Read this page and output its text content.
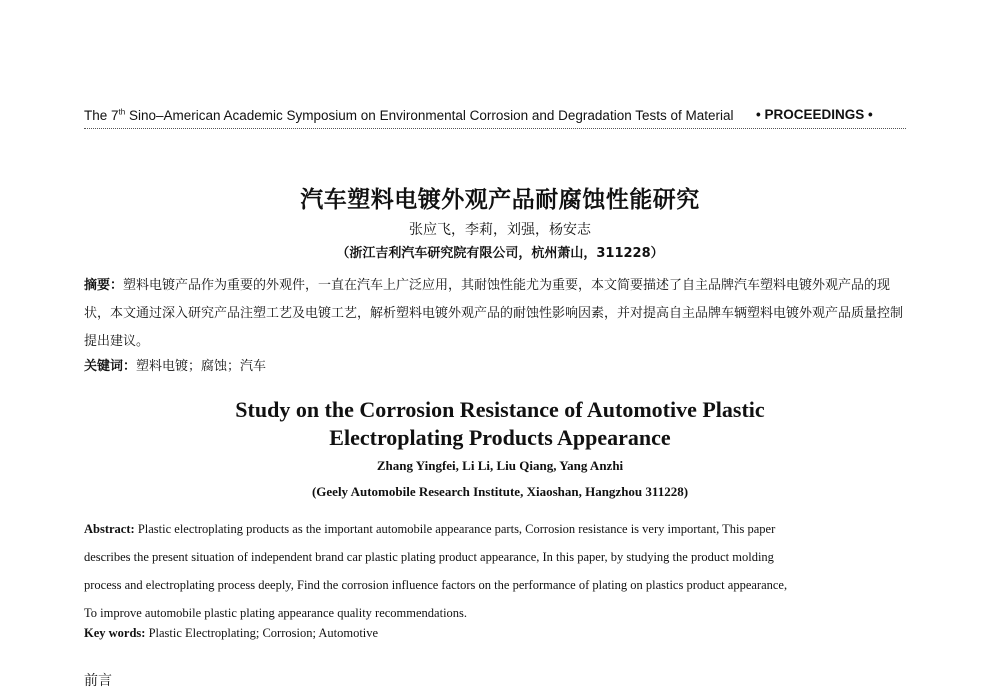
The 7th Sino–American Academic Symposium on Environmental Corrosion and Degradation Tests of Material • PROCEEDINGS •
汽车塑料电镀外观产品耐腐蚀性能研究
张应飞，李莉，刘强，杨安志
（浙江吉利汽车研究院有限公司，杭州萧山，311228）
摘要：塑料电镀产品作为重要的外观件，一直在汽车上广泛应用，其耐蚀性能尤为重要，本文简要描述了自主品牌汽车塑料电镀外观产品的现状，本文通过深入研究产品注塑工艺及电镀工艺，解析塑料电镀外观产品的耐蚀性影响因素，并对提高自主品牌车辆塑料电镀外观产品质量控制提出建议。
关键词：塑料电镀；腐蚀；汽车
Study on the Corrosion Resistance of Automotive Plastic
Electroplating Products Appearance
Zhang Yingfei, Li Li, Liu Qiang, Yang Anzhi
(Geely Automobile Research Institute, Xiaoshan, Hangzhou 311228)
Abstract: Plastic electroplating products as the important automobile appearance parts, Corrosion resistance is very important, This paper
describes the present situation of independent brand car plastic plating product appearance, In this paper, by studying the product molding
process and electroplating process deeply, Find the corrosion influence factors on the performance of plating on plastics product appearance,
To improve automobile plastic plating appearance quality recommendations.
Key words: Plastic Electroplating; Corrosion; Automotive
前言
